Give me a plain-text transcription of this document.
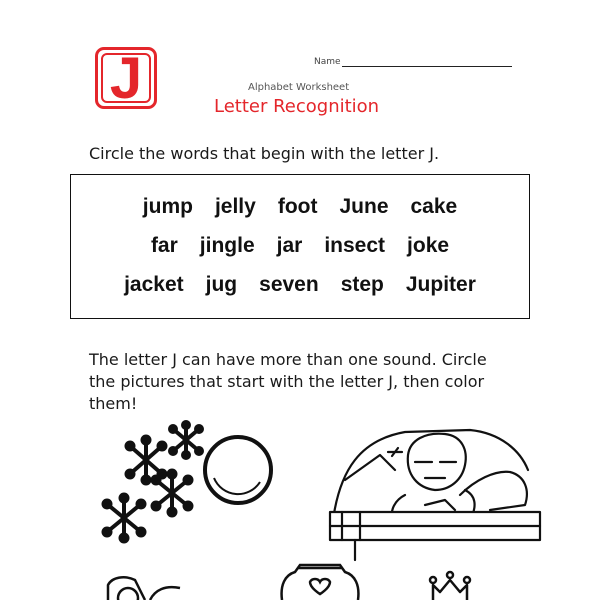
J	Name
Alphabet Worksheet
Letter Recognition
Circle the words that begin with the letter J.
jump jelly foot June cake
far jingle jar insect joke
jacket jug seven step Jupiter
The letter J can have more than one sound. Circle
the pictures that start with the letter J, then color
them!
